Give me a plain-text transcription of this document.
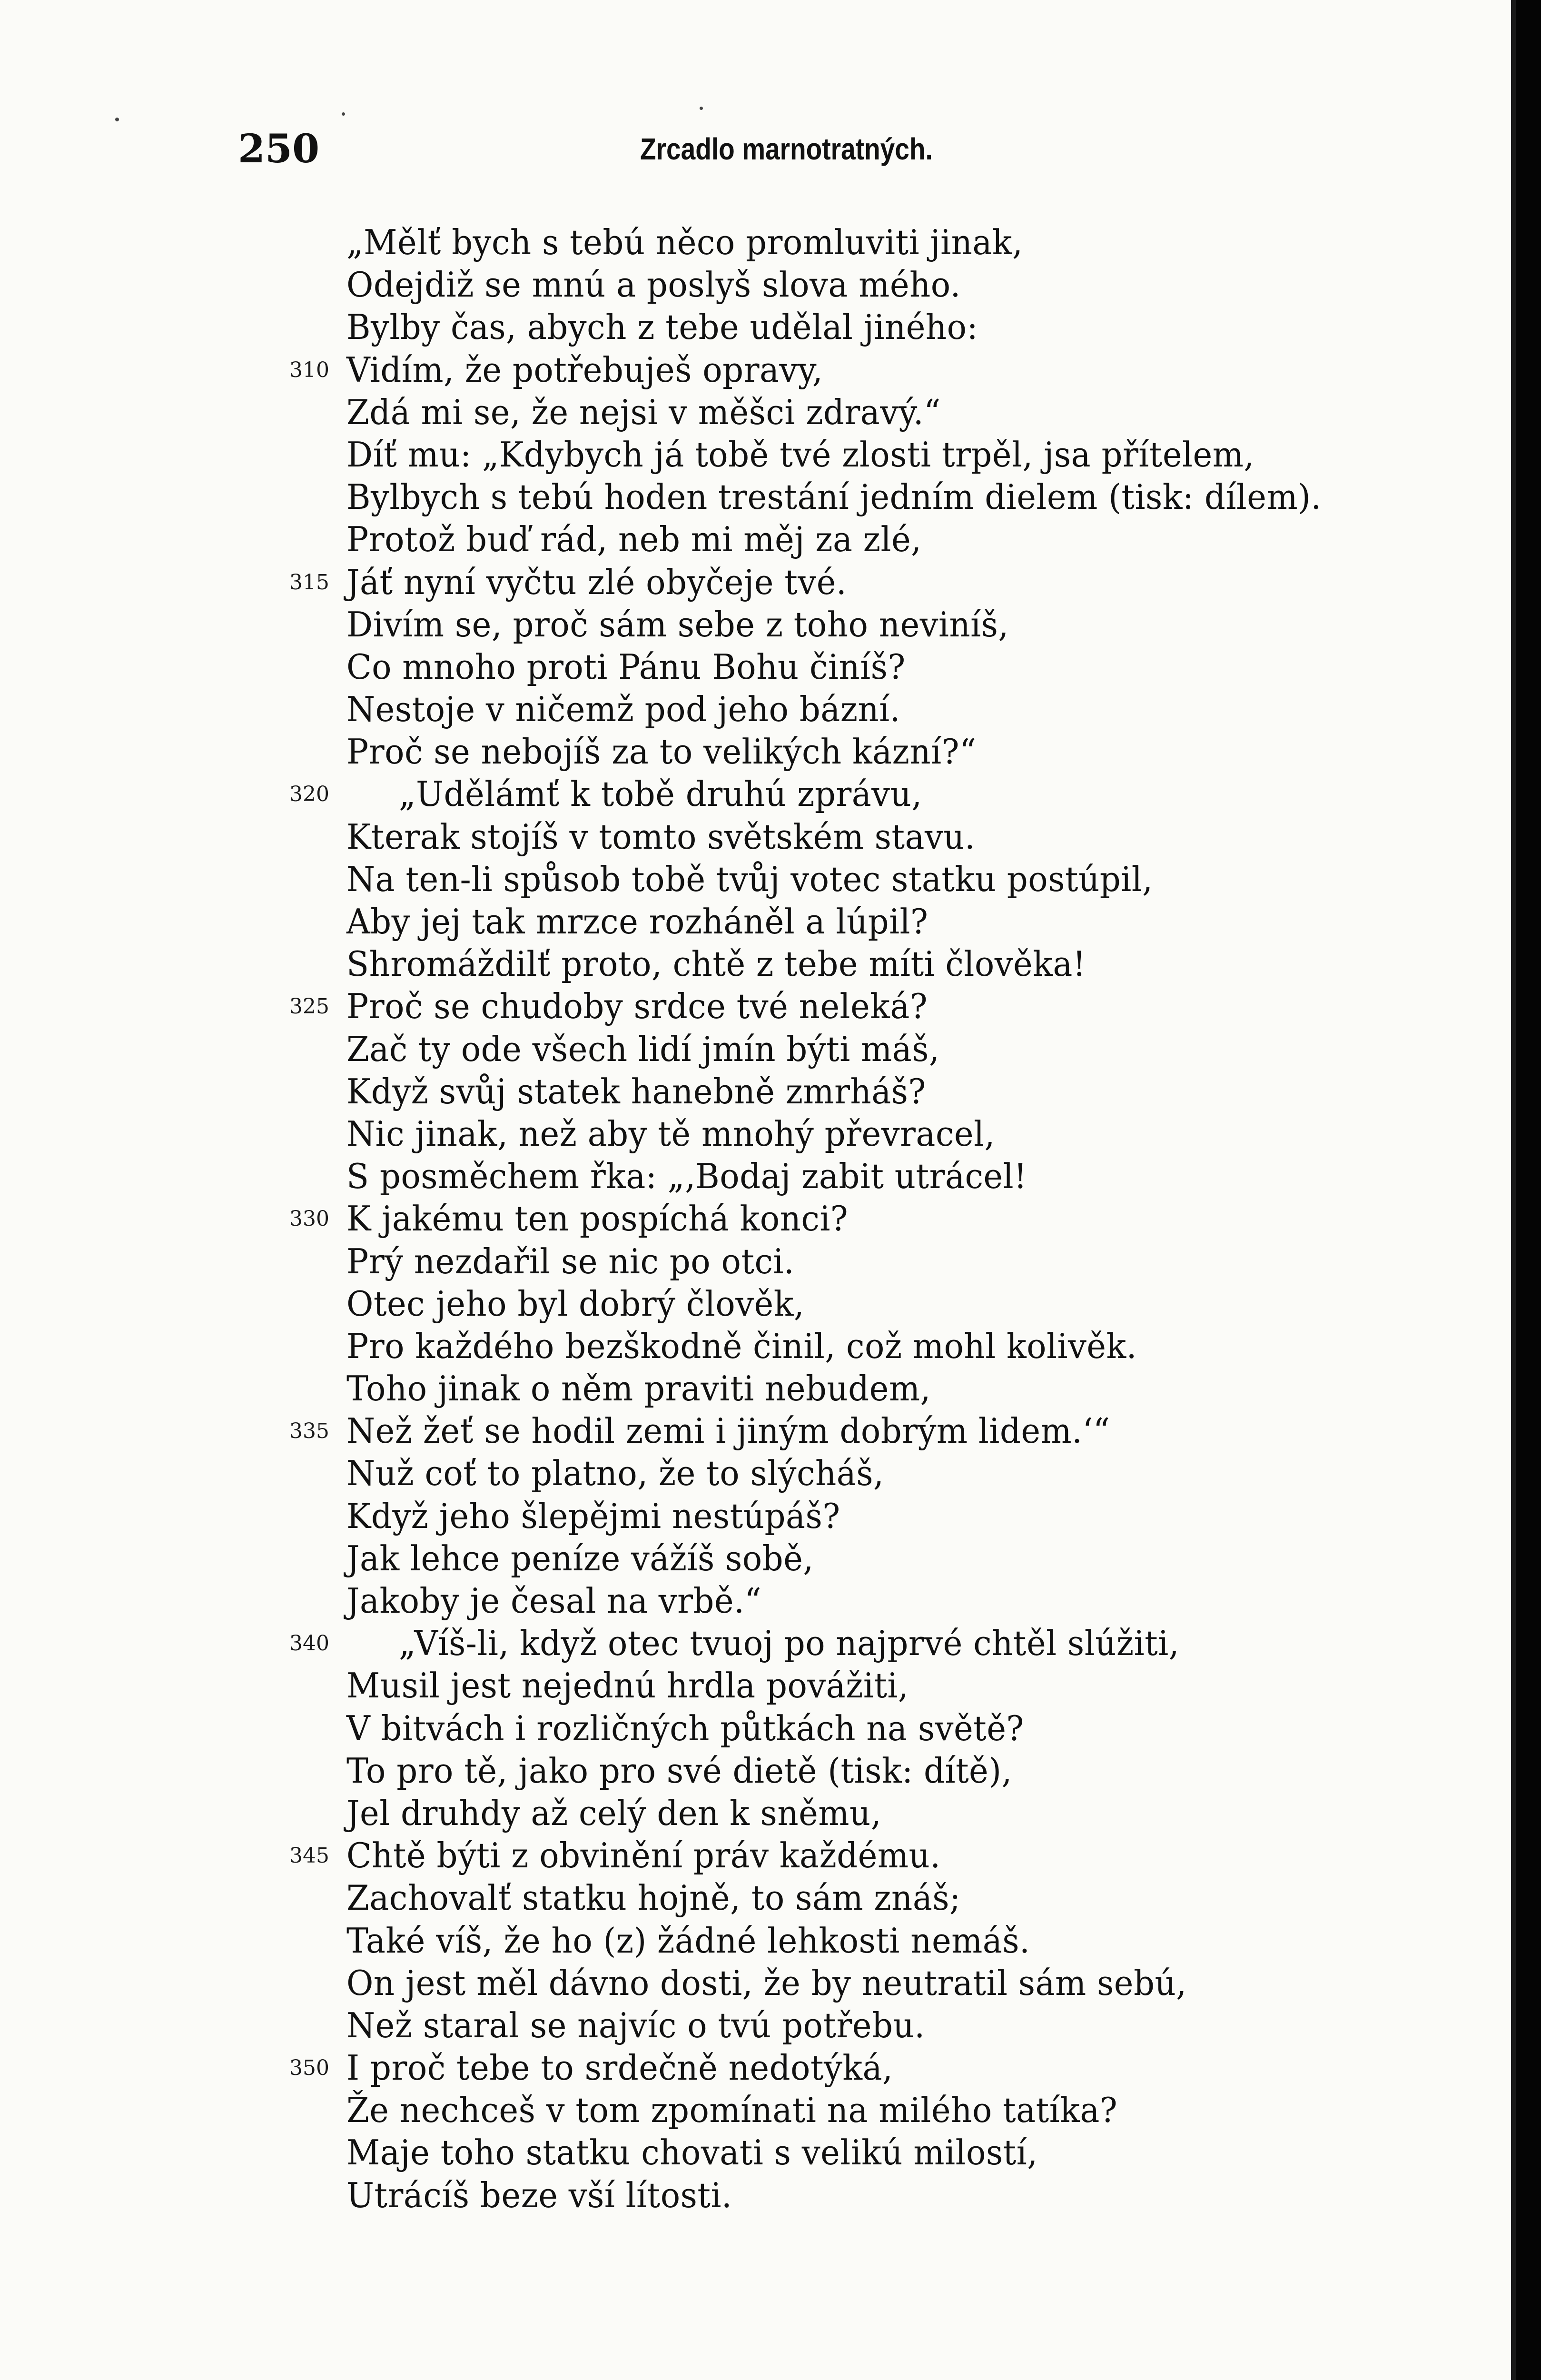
250	Zrcadlo marnotratných.
„Mělť bych s tebú něco promluviti jinak,
Odejdiž se mnú a poslyš slova mého.
Bylby čas, abych z tebe udělal jiného:
310 Vidím, že potřebuješ opravy,
Zdá mi se, že nejsi v měšci zdravý.“
Díť mu: „Kdybych já tobě tvé zlosti trpěl, jsa přítelem,
Bylbych s tebú hoden trestání jedním dielem (tisk: dílem).
Protož buď rád, neb mi měj za zlé,
315 Jáť nyní vyčtu zlé obyčeje tvé.
Divím se, proč sám sebe z toho neviníš,
Co mnoho proti Pánu Bohu činíš?
Nestoje v ničemž pod jeho bázní.
Proč se nebojíš za to velikých kázní?“
320	„Udělámť k tobě druhú zprávu,
Kterak stojíš v tomto světském stavu.
Na ten-li spůsob tobě tvůj votec statku postúpil,
Aby jej tak mrzce rozháněl a lúpil?
Shromáždilť proto, chtě z tebe míti člověka!
325 Proč se chudoby srdce tvé neleká?
Zač ty ode všech lidí jmín býti máš,
Když svůj statek hanebně zmrháš?
Nic jinak, než aby tě mnohý převracel,
S posměchem řka: „‚Bodaj zabit utrácel!
330 K jakému ten pospíchá konci?
Prý nezdařil se nic po otci.
Otec jeho byl dobrý člověk,
Pro každého bezškodně činil, což mohl kolivěk.
Toho jinak o něm praviti nebudem,
335 Než žeť se hodil zemi i jiným dobrým lidem.‘“
Nuž coť to platno, že to slýcháš,
Když jeho šlepějmi nestúpáš?
Jak lehce peníze vážíš sobě,
Jakoby je česal na vrbě.“
340	„Víš-li, když otec tvuoj po najprvé chtěl slúžiti,
Musil jest nejednú hrdla povážiti,
V bitvách i rozličných půtkách na světě?
To pro tě, jako pro své dietě (tisk: dítě),
Jel druhdy až celý den k sněmu,
345 Chtě býti z obvinění práv každému.
Zachovalť statku hojně, to sám znáš;
Také víš, že ho (z) žádné lehkosti nemáš.
On jest měl dávno dosti, že by neutratil sám sebú,
Než staral se najvíc o tvú potřebu.
350 I proč tebe to srdečně nedotýká,
Že nechceš v tom zpomínati na milého tatíka?
Maje toho statku chovati s velikú milostí,
Utrácíš beze vší lítosti.
